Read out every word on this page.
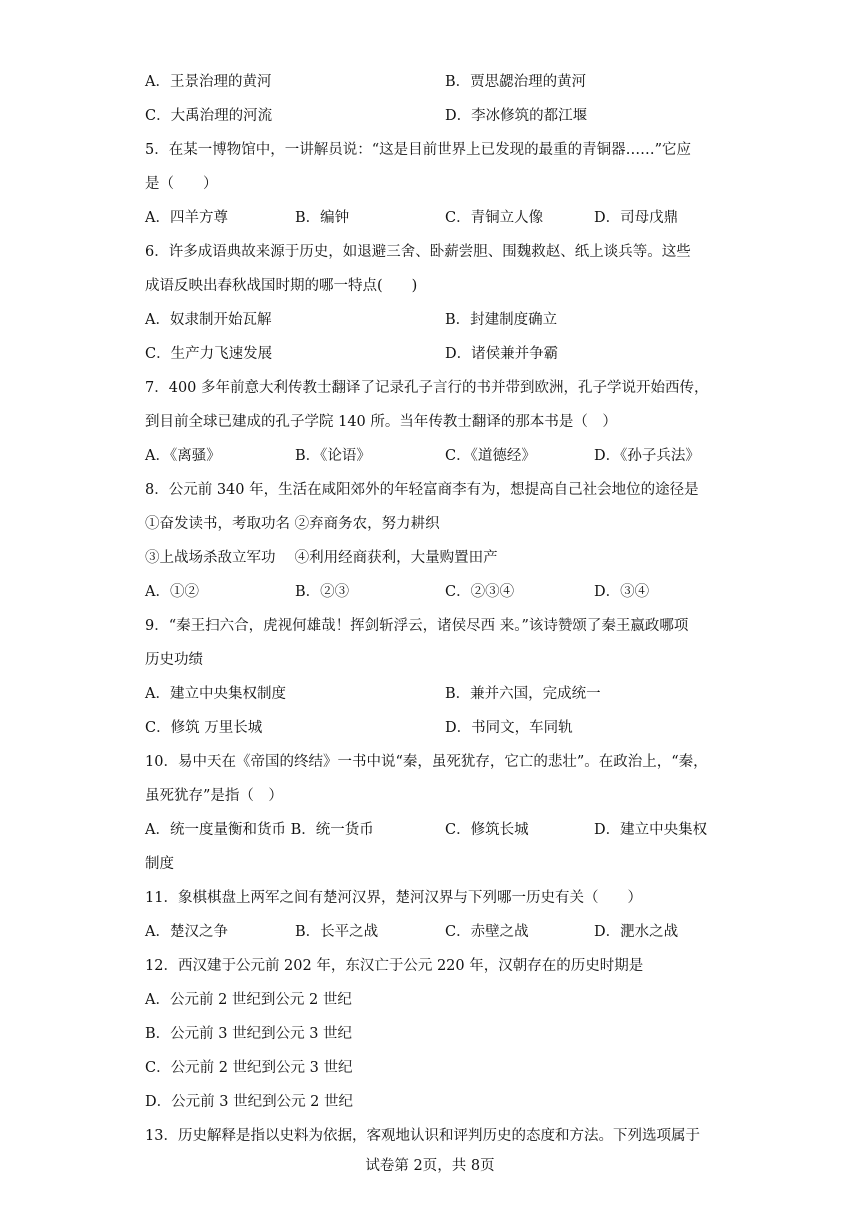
A．王景治理的黄河	B．贾思勰治理的黄河
C．大禹治理的河流	D．李冰修筑的都江堰
5．在某一博物馆中，一讲解员说：“这是目前世界上已发现的最重的青铜器……”它应
是（　　）
A．四羊方尊	B．编钟	C．青铜立人像	D．司母戊鼎
6．许多成语典故来源于历史，如退避三舍、卧薪尝胆、围魏救赵、纸上谈兵等。这些
成语反映出春秋战国时期的哪一特点(　　)
A．奴隶制开始瓦解	B．封建制度确立
C．生产力飞速发展	D．诸侯兼并争霸
7．400 多年前意大利传教士翻译了记录孔子言行的书并带到欧洲，孔子学说开始西传，
到目前全球已建成的孔子学院 140 所。当年传教士翻译的那本书是（　）
A．《离骚》	B．《论语》	C．《道德经》	D．《孙子兵法》
8．公元前 340 年，生活在咸阳郊外的年轻富商李有为，想提高自己社会地位的途径是
①奋发读书，考取功名 ②弃商务农，努力耕织
③上战场杀敌立军功　 ④利用经商获利，大量购置田产
A．①②	B．②③	C．②③④	D．③④
9．“秦王扫六合，虎视何雄哉！挥剑斩浮云，诸侯尽西 来。”该诗赞颂了秦王嬴政哪项
历史功绩
A．建立中央集权制度	B．兼并六国，完成统一
C．修筑 万里长城	D．书同文，车同轨
10．易中天在《帝国的终结》一书中说“秦，虽死犹存，它亡的悲壮”。在政治上，“秦，
虽死犹存”是指（　）
A．统一度量衡和货币 B．统一货币	C．修筑长城	D．建立中央集权
制度
11．象棋棋盘上两军之间有楚河汉界，楚河汉界与下列哪一历史有关（　　）
A．楚汉之争	B．长平之战	C．赤壁之战	D．淝水之战
12．西汉建于公元前 202 年，东汉亡于公元 220 年，汉朝存在的历史时期是
A．公元前 2 世纪到公元 2 世纪
B．公元前 3 世纪到公元 3 世纪
C．公元前 2 世纪到公元 3 世纪
D．公元前 3 世纪到公元 2 世纪
13．历史解释是指以史料为依据，客观地认识和评判历史的态度和方法。下列选项属于
试卷第 2页，共 8页
